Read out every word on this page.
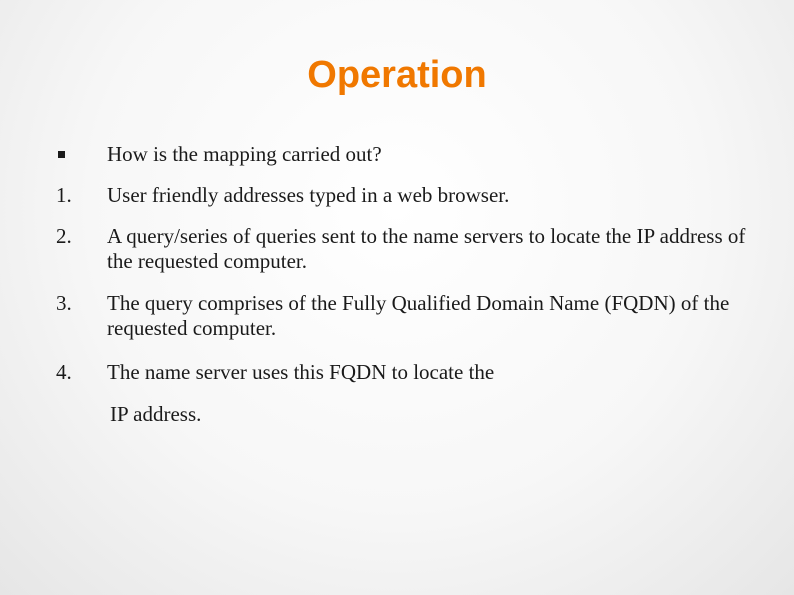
Operation
How is the mapping carried out?
1.	User friendly addresses typed in a web browser.
2.	A query/series of queries sent to the name servers to locate the IP address of the requested computer.
3.	The query comprises of the Fully Qualified Domain Name (FQDN) of the requested computer.
4.	The name server uses this FQDN to locate the
IP address.
